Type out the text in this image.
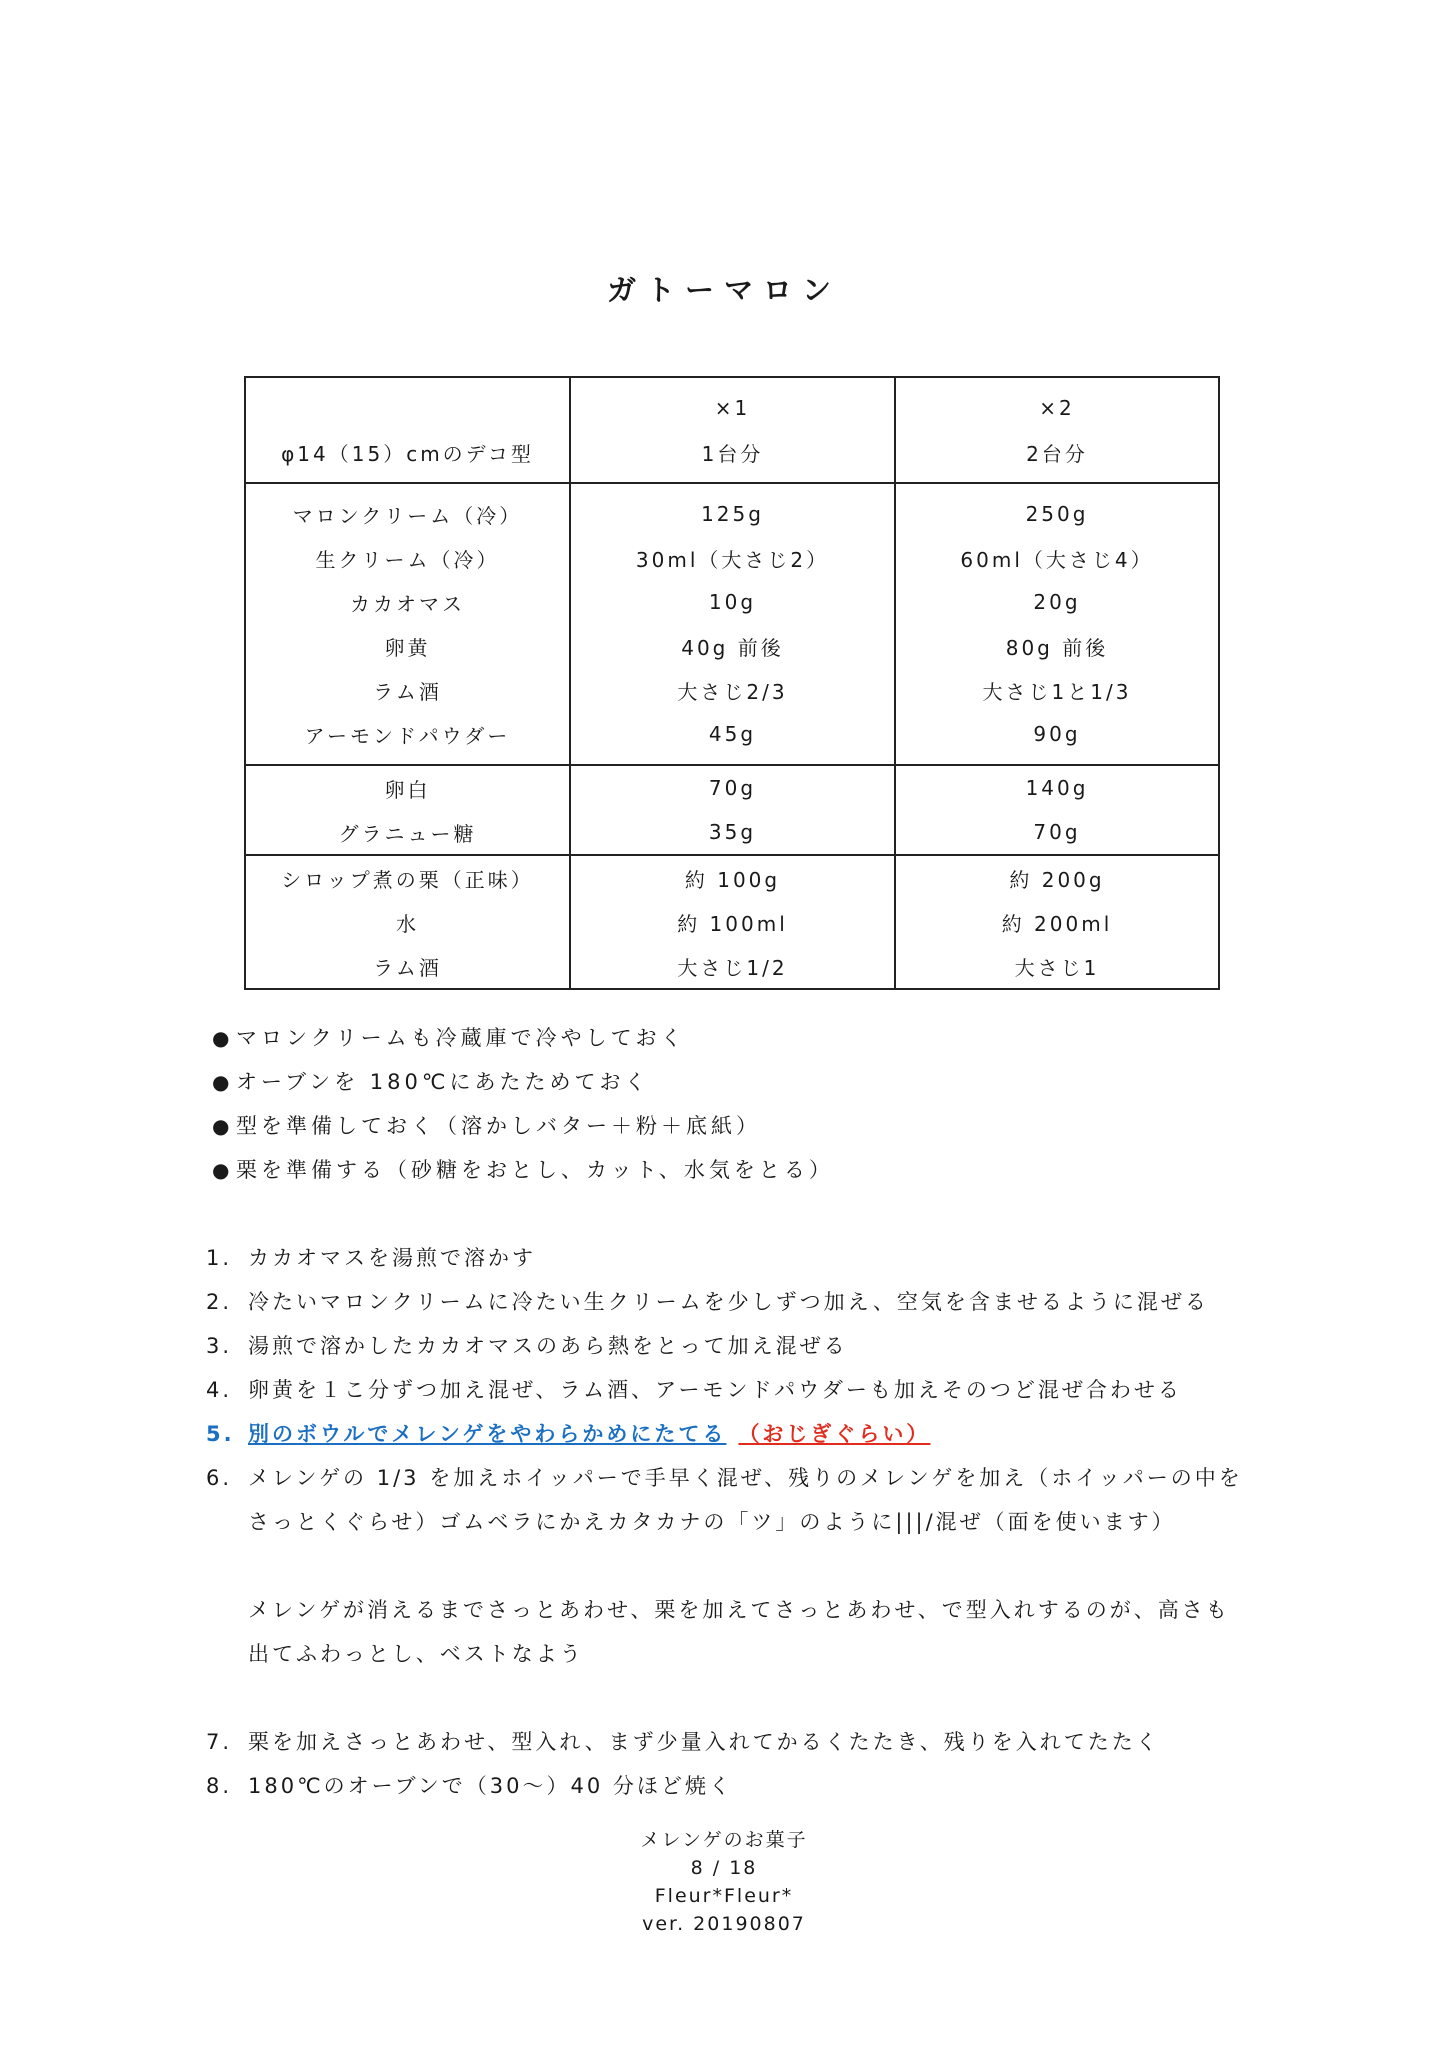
ガトーマロン
	×1	×2
φ14（15）cmのデコ型	1台分	2台分
マロンクリーム（冷）	125g	250g
生クリーム（冷）	30ml（大さじ2）	60ml（大さじ4）
カカオマス	10g	20g
卵黄	40g 前後	80g 前後
ラム酒	大さじ2/3	大さじ1と1/3
アーモンドパウダー	45g	90g
卵白	70g	140g
グラニュー糖	35g	70g
シロップ煮の栗（正味）	約 100g	約 200g
水	約 100ml	約 200ml
ラム酒	大さじ1/2	大さじ1
● マロンクリームも冷蔵庫で冷やしておく
● オーブンを 180℃にあたためておく
● 型を準備しておく（溶かしバター＋粉＋底紙）
● 栗を準備する（砂糖をおとし、カット、水気をとる）
1. カカオマスを湯煎で溶かす
2. 冷たいマロンクリームに冷たい生クリームを少しずつ加え、空気を含ませるように混ぜる
3. 湯煎で溶かしたカカオマスのあら熱をとって加え混ぜる
4. 卵黄を１こ分ずつ加え混ぜ、ラム酒、アーモンドパウダーも加えそのつど混ぜ合わせる
5. 別のボウルでメレンゲをやわらかめにたてる （おじぎぐらい）
6. メレンゲの 1/3 を加えホイッパーで手早く混ぜ、残りのメレンゲを加え（ホイッパーの中をさっとくぐらせ）ゴムベラにかえカタカナの「ツ」のように|||/混ぜ（面を使います）
メレンゲが消えるまでさっとあわせ、栗を加えてさっとあわせ、で型入れするのが、高さも出てふわっとし、ベストなよう
7. 栗を加えさっとあわせ、型入れ、まず少量入れてかるくたたき、残りを入れてたたく
8. 180℃のオーブンで（30～）40 分ほど焼く
メレンゲのお菓子
8 / 18
Fleur*Fleur*
ver. 20190807
